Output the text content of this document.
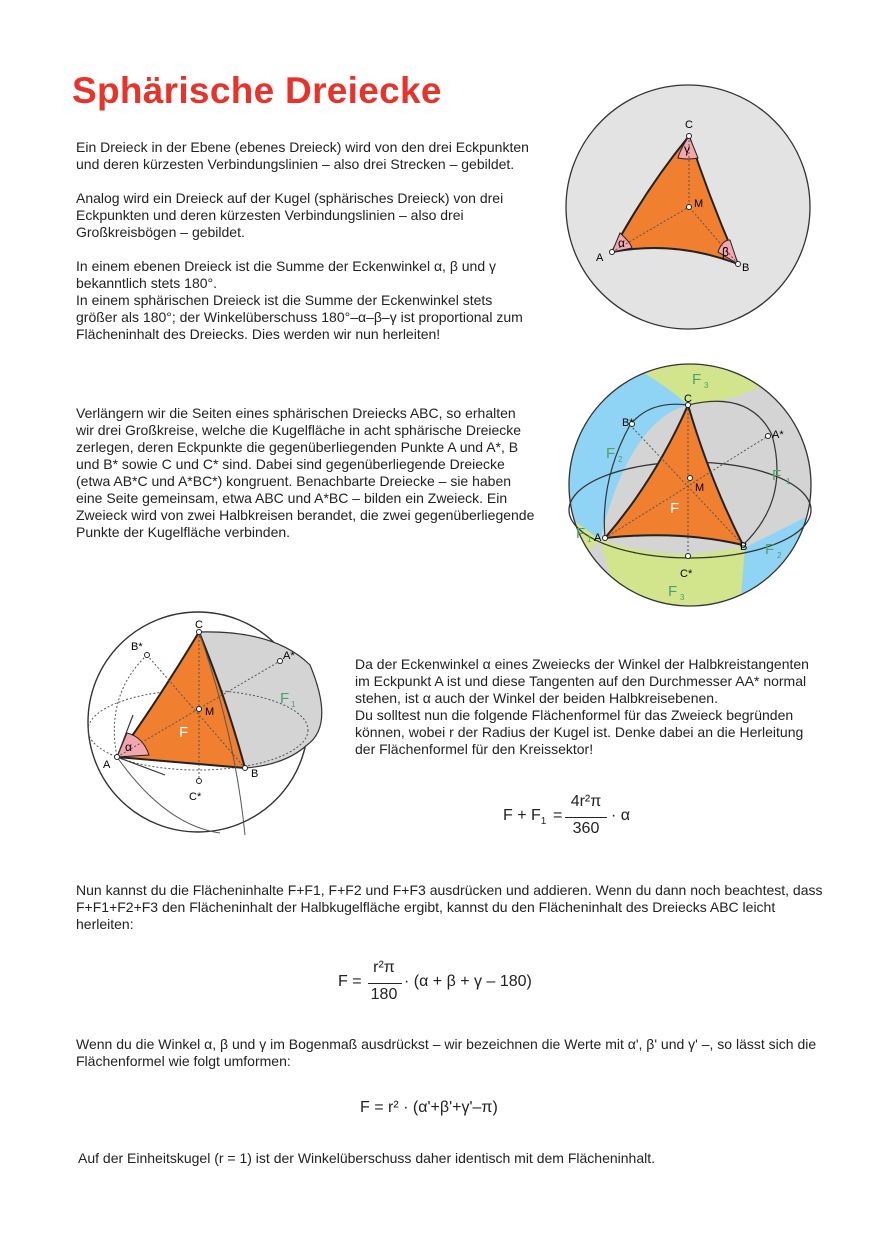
Sphärische Dreiecke

Ein Dreieck in der Ebene (ebenes Dreieck) wird von den drei Eckpunkten und deren kürzesten Verbindungslinien – also drei Strecken – gebildet.

Analog wird ein Dreieck auf der Kugel (sphärisches Dreieck) von drei Eckpunkten und deren kürzesten Verbindungslinien – also drei Großkreisbögen – gebildet.

In einem ebenen Dreieck ist die Summe der Eckenwinkel α, β und γ bekanntlich stets 180°.

In einem sphärischen Dreieck ist die Summe der Eckenwinkel stets größer als 180°; der Winkelüberschuss 180°–α–β–γ ist proportional zum Flächeninhalt des Dreiecks. Dies werden wir nun herleiten!

Verlängern wir die Seiten eines sphärischen Dreiecks ABC, so erhalten wir drei Großkreise, welche die Kugelfläche in acht sphärische Dreiecke zerlegen, deren Eckpunkte die gegenüberliegenden Punkte A und A*, B und B* sowie C und C* sind. Dabei sind gegenüberliegende Dreiecke (etwa AB*C und A*BC*) kongruent. Benachbarte Dreiecke – sie haben eine Seite gemeinsam, etwa ABC und A*BC – bilden ein Zweieck. Ein Zweieck wird von zwei Halbkreisen berandet, die zwei gegenüberliegende Punkte der Kugelfläche verbinden.

Da der Eckenwinkel α eines Zweiecks der Winkel der Halbkreistangenten im Eckpunkt A ist und diese Tangenten auf den Durchmesser AA* normal stehen, ist α auch der Winkel der beiden Halbkreisebenen.

Du solltest nun die folgende Flächenformel für das Zweieck begründen können, wobei r der Radius der Kugel ist. Denke dabei an die Herleitung der Flächenformel für den Kreissektor!

$F + F_1$ =
4r²π
360
· α
Nun kannst du die Flächeninhalte F+F1, F+F2 und F+F3 ausdrücken und addieren. Wenn du dann noch beachtest, dass F+F1+F2+F3 den Flächeninhalt der Halbkugelfläche ergibt, kannst du den Flächeninhalt des Dreiecks ABC leicht herleiten:
F =
r²π
180
· (α + β + γ – 180)
Wenn du die Winkel α, β und γ im Bogenmaß ausdrückst – wir bezeichnen die Werte mit α', β' und γ' –, so lässt sich die Flächenformel wie folgt umformen:
F = r² · (α'+β'+γ'–π)
Auf der Einheitskugel (r = 1) ist der Winkelüberschuss daher identisch mit dem Flächeninhalt.
C
A
B
M
α
β
γ
C
A
B
M
A*
B*
C*
F
F 1
F 2
F 3
F 3
F 1
F 2
C
A
B
M
A*
B*
C*
α
F
F 1
